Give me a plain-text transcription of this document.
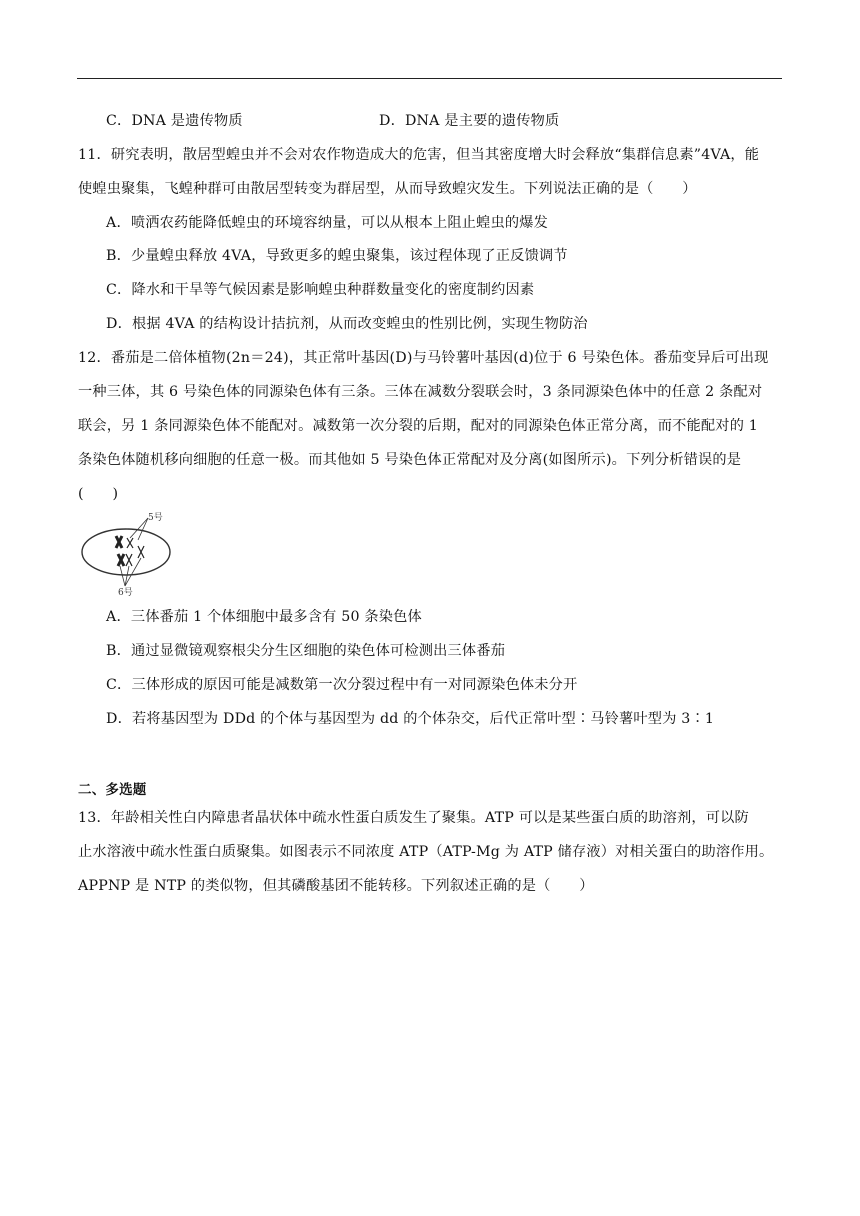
C．DNA 是遗传物质	D．DNA 是主要的遗传物质
11．研究表明，散居型蝗虫并不会对农作物造成大的危害，但当其密度增大时会释放“集群信息素”4VA，能
使蝗虫聚集，飞蝗种群可由散居型转变为群居型，从而导致蝗灾发生。下列说法正确的是（　　）
A．喷洒农药能降低蝗虫的环境容纳量，可以从根本上阻止蝗虫的爆发
B．少量蝗虫释放 4VA，导致更多的蝗虫聚集，该过程体现了正反馈调节
C．降水和干旱等气候因素是影响蝗虫种群数量变化的密度制约因素
D．根据 4VA 的结构设计拮抗剂，从而改变蝗虫的性别比例，实现生物防治
12．番茄是二倍体植物(2n＝24)，其正常叶基因(D)与马铃薯叶基因(d)位于 6 号染色体。番茄变异后可出现
一种三体，其 6 号染色体的同源染色体有三条。三体在减数分裂联会时，3 条同源染色体中的任意 2 条配对
联会，另 1 条同源染色体不能配对。减数第一次分裂的后期，配对的同源染色体正常分离，而不能配对的 1
条染色体随机移向细胞的任意一极。而其他如 5 号染色体正常配对及分离(如图所示)。下列分析错误的是
(　　)
5号
6号
A．三体番茄 1 个体细胞中最多含有 50 条染色体
B．通过显微镜观察根尖分生区细胞的染色体可检测出三体番茄
C．三体形成的原因可能是减数第一次分裂过程中有一对同源染色体未分开
D．若将基因型为 DDd 的个体与基因型为 dd 的个体杂交，后代正常叶型∶马铃薯叶型为 3∶1
二、多选题
13．年龄相关性白内障患者晶状体中疏水性蛋白质发生了聚集。ATP 可以是某些蛋白质的助溶剂，可以防
止水溶液中疏水性蛋白质聚集。如图表示不同浓度 ATP（ATP-Mg 为 ATP 储存液）对相关蛋白的助溶作用。
APPNP 是 NTP 的类似物，但其磷酸基团不能转移。下列叙述正确的是（　　）
